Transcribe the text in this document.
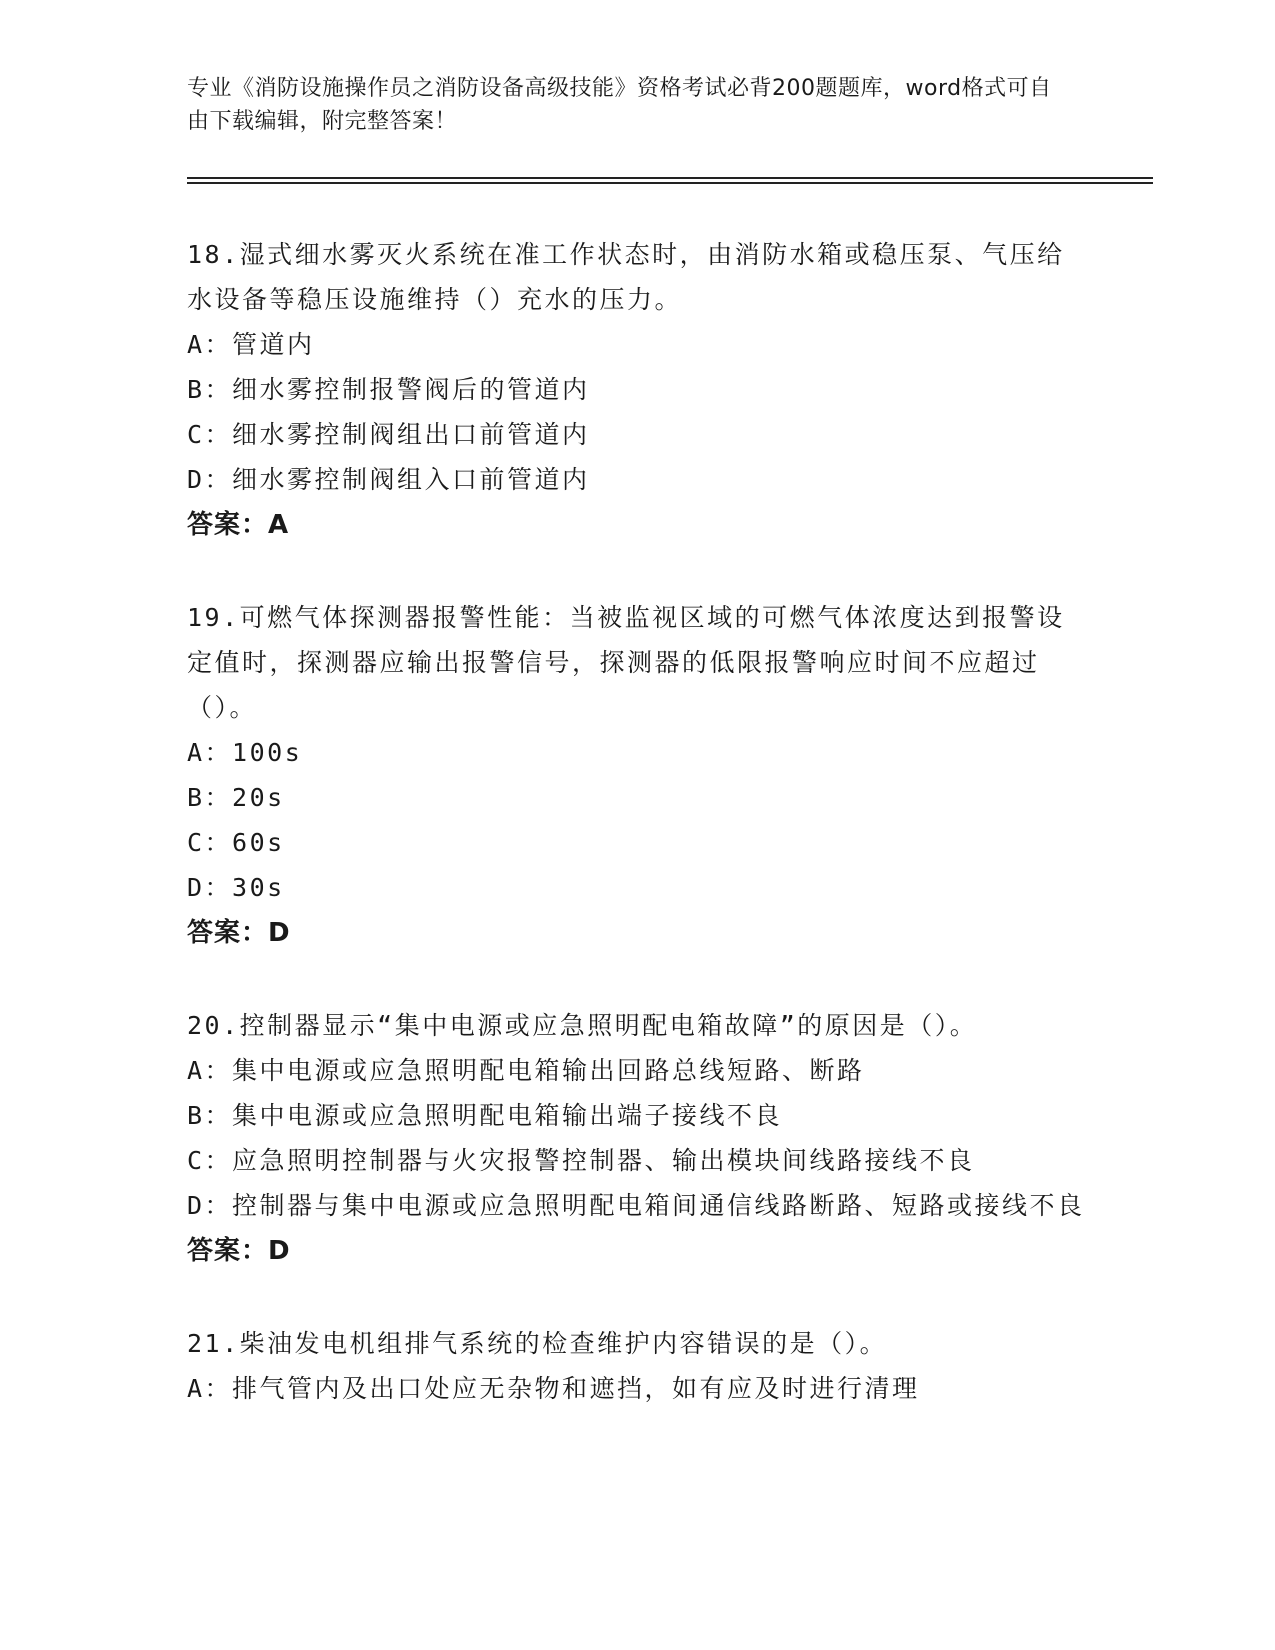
专业《消防设施操作员之消防设备高级技能》资格考试必背200题题库，word格式可自由下载编辑，附完整答案！
18.湿式细水雾灭火系统在准工作状态时，由消防水箱或稳压泵、气压给水设备等稳压设施维持（）充水的压力。
A：管道内
B：细水雾控制报警阀后的管道内
C：细水雾控制阀组出口前管道内
D：细水雾控制阀组入口前管道内
答案：A
19.可燃气体探测器报警性能：当被监视区域的可燃气体浓度达到报警设定值时，探测器应输出报警信号，探测器的低限报警响应时间不应超过（）。
A：100s
B：20s
C：60s
D：30s
答案：D
20.控制器显示“集中电源或应急照明配电箱故障”的原因是（）。
A：集中电源或应急照明配电箱输出回路总线短路、断路
B：集中电源或应急照明配电箱输出端子接线不良
C：应急照明控制器与火灾报警控制器、输出模块间线路接线不良
D：控制器与集中电源或应急照明配电箱间通信线路断路、短路或接线不良
答案：D
21.柴油发电机组排气系统的检查维护内容错误的是（）。
A：排气管内及出口处应无杂物和遮挡，如有应及时进行清理
